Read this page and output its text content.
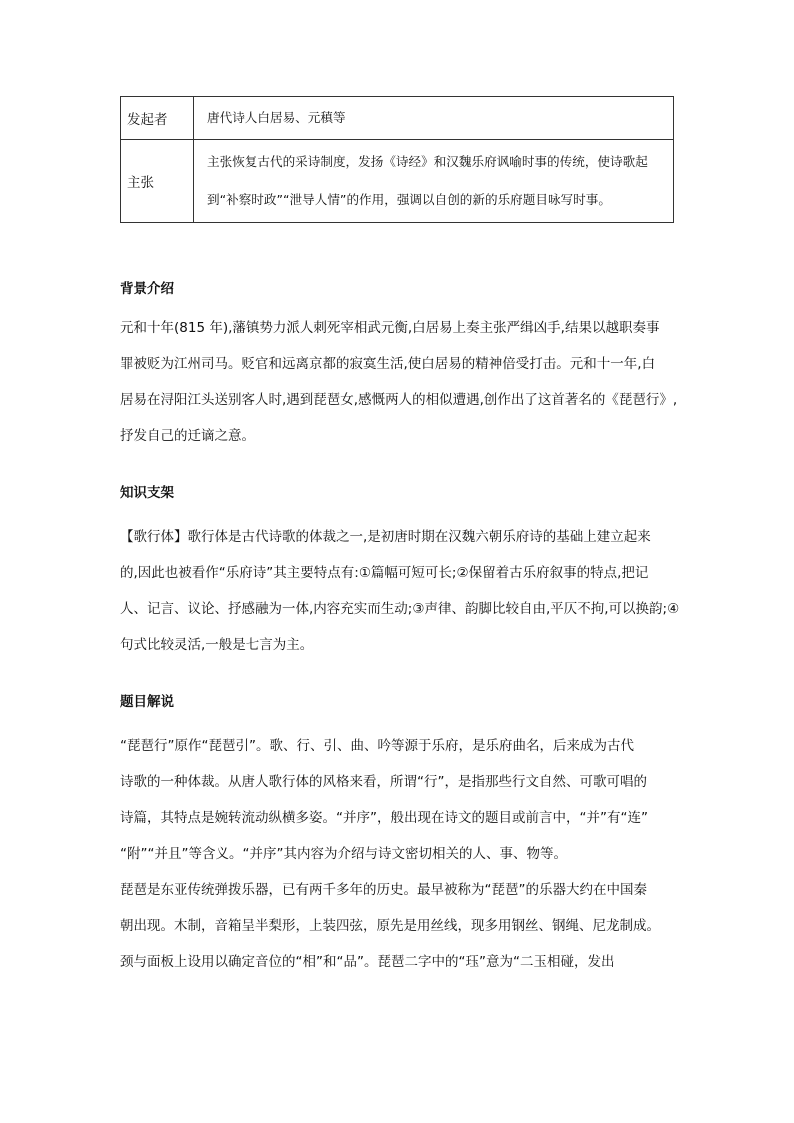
发起者	唐代诗人白居易、元稹等

主张	主张恢复古代的采诗制度，发扬《诗经》和汉魏乐府讽喻时事的传统，使诗歌起
到“补察时政”“泄导人情”的作用，强调以自创的新的乐府题目咏写时事。
背景介绍
元和十年(815 年),藩镇势力派人刺死宰相武元衡,白居易上奏主张严缉凶手,结果以越职奏事
罪被贬为江州司马。贬官和远离京都的寂寞生活,使白居易的精神倍受打击。元和十一年,白
居易在浔阳江头送别客人时,遇到琵琶女,感慨两人的相似遭遇,创作出了这首著名的《琵琶行》,
抒发自己的迁谪之意。
知识支架
【歌行体】歌行体是古代诗歌的体裁之一,是初唐时期在汉魏六朝乐府诗的基础上建立起来
的,因此也被看作“乐府诗”其主要特点有:①篇幅可短可长;②保留着古乐府叙事的特点,把记
人、记言、议论、抒感融为一体,内容充实而生动;③声律、韵脚比较自由,平仄不拘,可以换韵;④
句式比较灵活,一般是七言为主。
题目解说
“琵琶行”原作“琵琶引”。歌、行、引、曲、吟等源于乐府，是乐府曲名，后来成为古代
诗歌的一种体裁。从唐人歌行体的风格来看，所谓“行”，是指那些行文自然、可歌可唱的
诗篇，其特点是婉转流动纵横多姿。“并序”，般出现在诗文的题目或前言中，“并”有“连”
“附”“并且”等含义。“并序”其内容为介绍与诗文密切相关的人、事、物等。
琵琶是东亚传统弹拨乐器，已有两千多年的历史。最早被称为“琵琶”的乐器大约在中国秦
朝出现。木制，音箱呈半梨形，上装四弦，原先是用丝线，现多用钢丝、钢绳、尼龙制成。
颈与面板上设用以确定音位的“相”和“品”。琵琶二字中的“珏”意为“二玉相碰，发出
